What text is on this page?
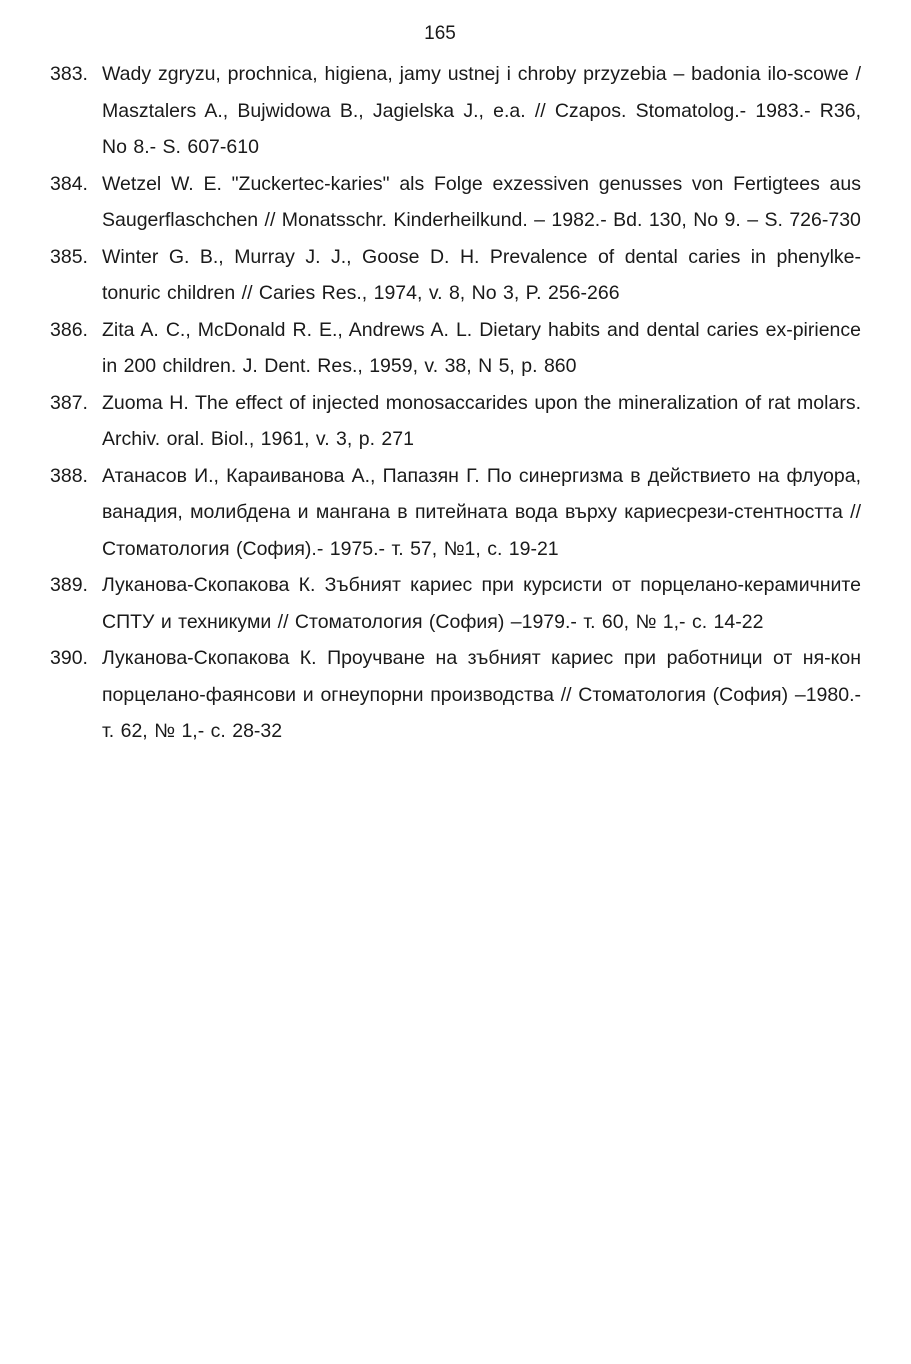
165
383. Wady zgryzu, prochnica, higiena, jamy ustnej i chroby przyzebia – badonia ilo-scowe / Masztalers A., Bujwidowa B., Jagielska J., e.a. // Czapos. Stomatolog.- 1983.- R36, No 8.- S. 607-610
384. Wetzel W. E. "Zuckertec-karies" als Folge exzessiven genusses von Fertigtees aus Saugerflaschchen // Monatsschr. Kinderheilkund. – 1982.- Bd. 130, No 9. – S. 726-730
385. Winter G. B., Murray J. J., Goose D. H. Prevalence of dental caries in phenylke-tonuric children // Caries Res., 1974, v. 8, No 3, P. 256-266
386. Zita A. C., McDonald R. E., Andrews A. L. Dietary habits and dental caries ex-pirience in 200 children. J. Dent. Res., 1959, v. 38, N 5, p. 860
387. Zuoma H. The effect of injected monosaccarides upon the mineralization of rat molars. Archiv. oral. Biol., 1961, v. 3, p. 271
388. Атанасов И., Караиванова А., Папазян Г. По синергизма в действието на флуора, ванадия, молибдена и мангана в питейната вода върху кариесрези-стентността // Стоматология (София).- 1975.- т. 57, №1, с. 19-21
389. Луканова-Скопакова К. Зъбният кариес при курсисти от порцелано-керамичните СПТУ и техникуми // Стоматология (София) –1979.- т. 60, № 1,- с. 14-22
390. Луканова-Скопакова К. Проучване на зъбният кариес при работници от ня-кон порцелано-фаянсови и огнеупорни производства // Стоматология (София) –1980.- т. 62, № 1,- с. 28-32
